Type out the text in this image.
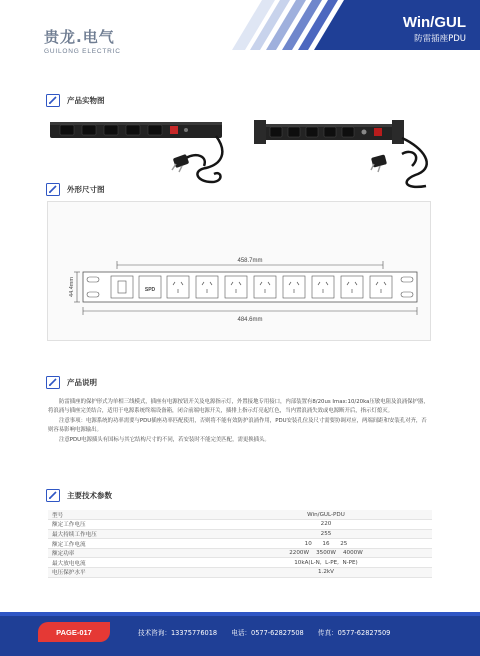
贵龙.电气
GUILONG ELECTRIC
Win/GUL
防雷插座PDU
产品实物图
外形尺寸图
458.7mm
SPD
44.4mm
484.6mm
产品说明

防雷插座的保护形式为单相三线模式，插座有电源按钮开关及电源指示灯，外置接地专用接口，内部装置有8/20us Imax:10/20ka压敏电阻及浪涌保护器，将浪涌与插座完美结合，适用于电源系统终端设备箱，闭合前端电源开关，插排上指示灯亮起红色，当内置浪涌失效或电源断开后，指示灯熄灭。

注意事项：电源系统的功率需要与PDU插座功率匹配使用，否则将不能有效防护浪涌作用，PDU安装孔位及尺寸需要协调对应，两端间距和安装孔对齐，否则容易影响电源输出。

注意PDU电源插头有国标与其它结构尺寸的不同，若安装时不能完美匹配，需更换插头。

主要技术参数
型号	Win/GUL-PDU
额定工作电压	220
最大持续工作电压	255
额定工作电流	10      16      25
额定功率	2200W    3500W    4000W
最大放电电流	10kA(L-N,  L-PE,  N-PE)
电压保护水平	1.2kV
PAGE-017	技术咨询：13375776018 电话：0577-62827508 传真：0577-62827509
